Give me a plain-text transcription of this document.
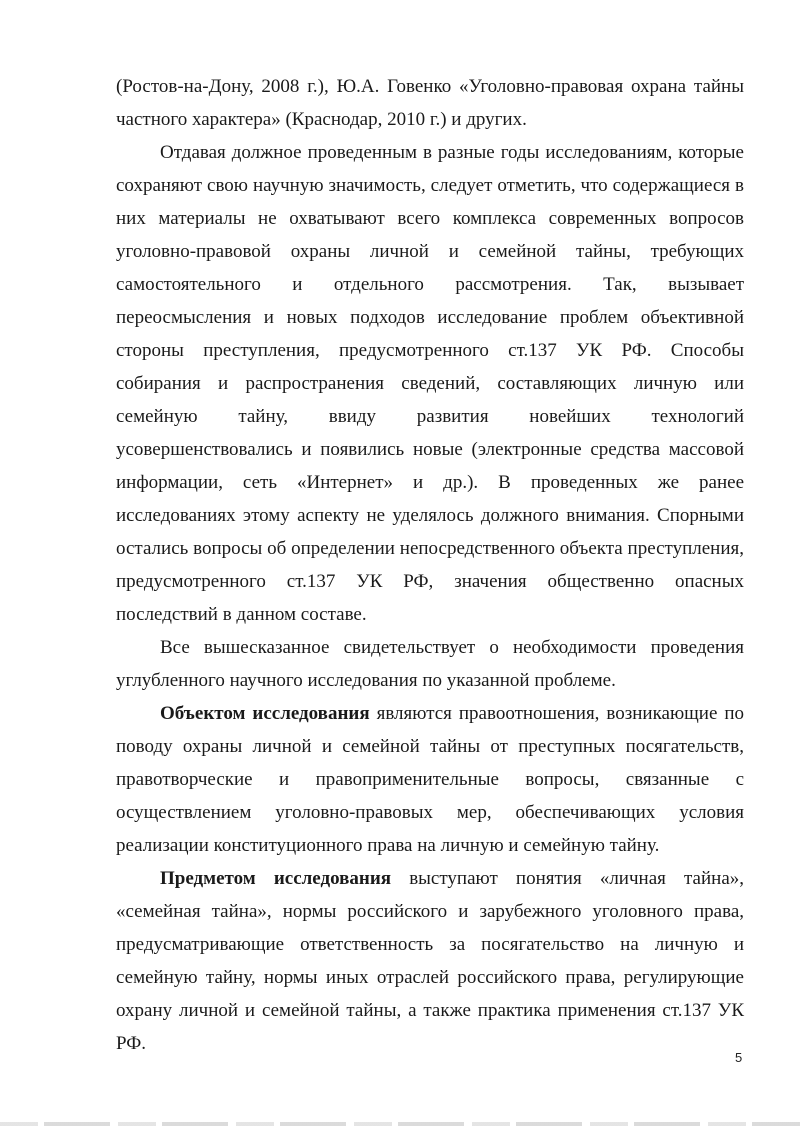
(Ростов-на-Дону, 2008 г.), Ю.А. Говенко «Уголовно-правовая охрана тайны частного характера» (Краснодар, 2010 г.) и других.

Отдавая должное проведенным в разные годы исследованиям, которые сохраняют свою научную значимость, следует отметить, что содержащиеся в них материалы не охватывают всего комплекса современных вопросов уголовно-правовой охраны личной и семейной тайны, требующих самостоятельного и отдельного рассмотрения. Так, вызывает переосмысления и новых подходов исследование проблем объективной стороны преступления, предусмотренного ст.137 УК РФ. Способы собирания и распространения сведений, составляющих личную или семейную тайну, ввиду развития новейших технологий усовершенствовались и появились новые (электронные средства массовой информации, сеть «Интернет» и др.). В проведенных же ранее исследованиях этому аспекту не уделялось должного внимания. Спорными остались вопросы об определении непосредственного объекта преступления, предусмотренного ст.137 УК РФ, значения общественно опасных последствий в данном составе.

Все вышесказанное свидетельствует о необходимости проведения углубленного научного исследования по указанной проблеме.

Объектом исследования являются правоотношения, возникающие по поводу охраны личной и семейной тайны от преступных посягательств, правотворческие и правоприменительные вопросы, связанные с осуществлением уголовно-правовых мер, обеспечивающих условия реализации конституционного права на личную и семейную тайну.

Предметом исследования выступают понятия «личная тайна», «семейная тайна», нормы российского и зарубежного уголовного права, предусматривающие ответственность за посягательство на личную и семейную тайну, нормы иных отраслей российского права, регулирующие охрану личной и семейной тайны, а также практика применения ст.137 УК РФ.

5
